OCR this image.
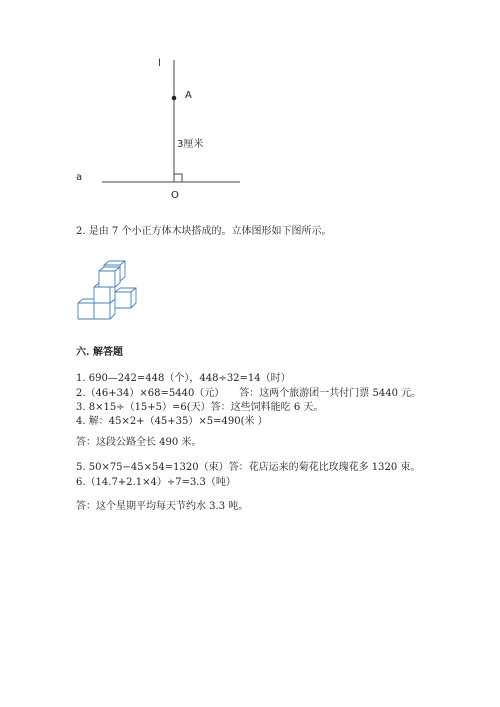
l
A
3厘米
a
O
2. 是由 7 个小正方体木块搭成的。立体图形如下图所示。
六. 解答题
1. 690—242=448（个），448÷32=14（时）
2.（46+34）×68=5440（元）　　答：这两个旅游团一共付门票 5440 元。
3. 8×15÷（15+5）=6(天）答：这些饲料能吃 6 天。
4. 解：45×2+（45+35）×5=490(米 ）
答：这段公路全长 490 米。
5. 50×75−45×54=1320（束）答：花店运来的菊花比玫瑰花多 1320 束。
6.（14.7+2.1×4）÷7=3.3（吨）
答：这个星期平均每天节约水 3.3 吨。
